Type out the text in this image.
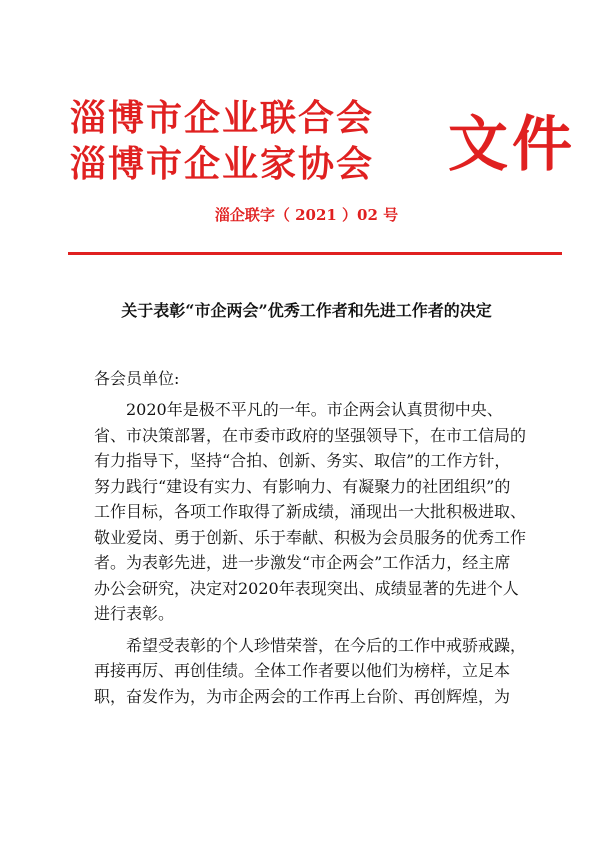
淄博市企业联合会
淄博市企业家协会 文件
淄企联字（ 2021 ）02 号
关于表彰“市企两会”优秀工作者和先进工作者的决定

各会员单位:

2020年是极不平凡的一年。市企两会认真贯彻中央、省、市决策部署，在市委市政府的坚强领导下，在市工信局的有力指导下，坚持“合拍、创新、务实、取信”的工作方针，努力践行“建设有实力、有影响力、有凝聚力的社团组织”的工作目标，各项工作取得了新成绩，涌现出一大批积极进取、敬业爱岗、勇于创新、乐于奉献、积极为会员服务的优秀工作者。为表彰先进，进一步激发“市企两会”工作活力，经主席办公会研究，决定对2020年表现突出、成绩显著的先进个人进行表彰。

希望受表彰的个人珍惜荣誉，在今后的工作中戒骄戒躁，再接再厉、再创佳绩。全体工作者要以他们为榜样，立足本职，奋发作为，为市企两会的工作再上台阶、再创辉煌，为
